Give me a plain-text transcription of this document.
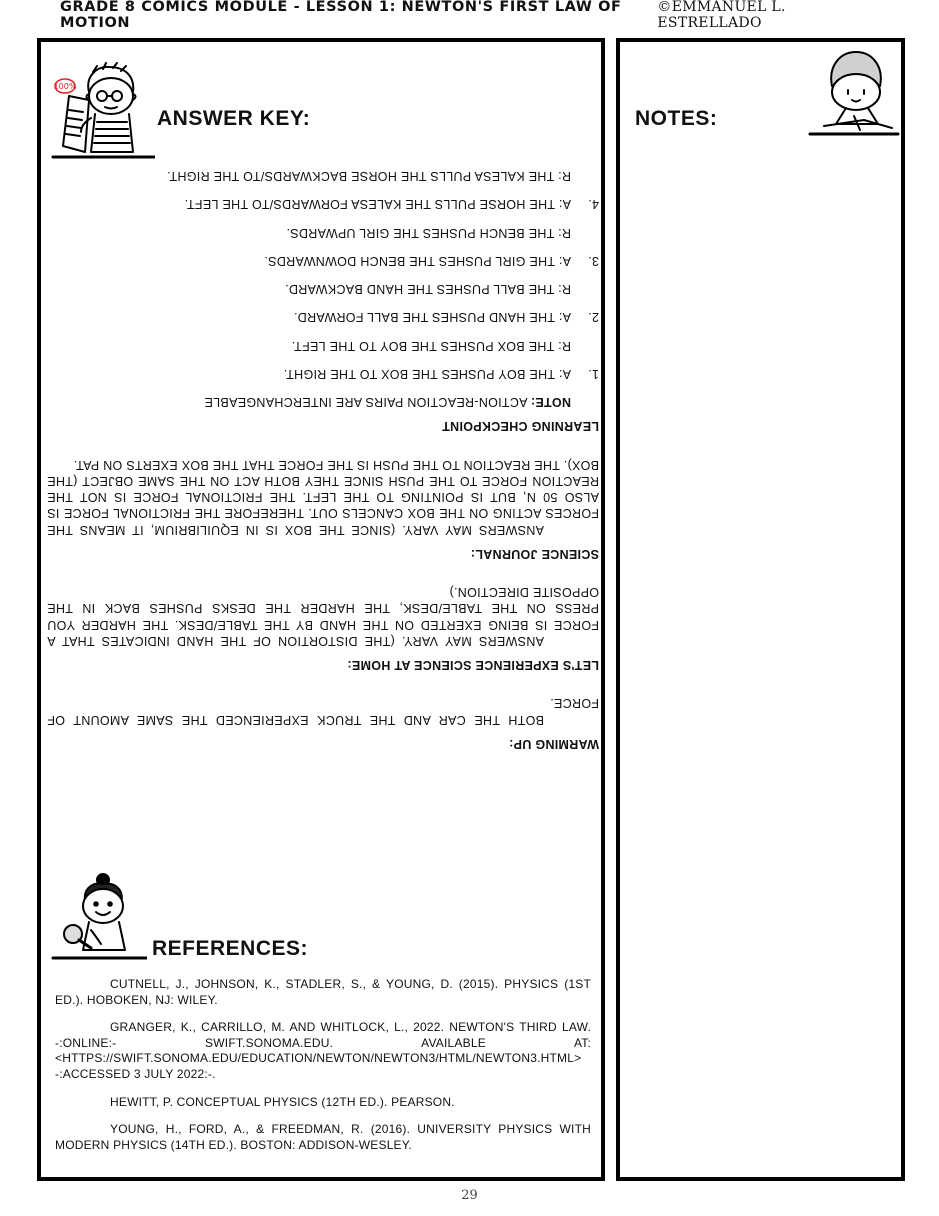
GRADE 8 COMICS MODULE - LESSON 1: NEWTON'S FIRST LAW OF MOTION
©EMMANUEL L. ESTRELLADO
100%
ANSWER KEY:
WARMING UP:

BOTH THE CAR AND THE TRUCK EXPERIENCED THE SAME AMOUNT OF FORCE.

LET'S EXPERIENCE SCIENCE AT HOME:

ANSWERS MAY VARY. (THE DISTORTION OF THE HAND INDICATES THAT A FORCE IS BEING EXERTED ON THE HAND BY THE TABLE/DESK. THE HARDER YOU PRESS ON THE TABLE/DESK, THE HARDER THE DESKS PUSHES BACK IN THE OPPOSITE DIRECTION.)

SCIENCE JOURNAL:

ANSWERS MAY VARY. (SINCE THE BOX IS IN EQUILIBRIUM, IT MEANS THE FORCES ACTING ON THE BOX CANCELS OUT. THEREFORE THE FRICTIONAL FORCE IS ALSO 50 N, BUT IS POINTING TO THE LEFT. THE FRICTIONAL FORCE IS NOT THE REACTION FORCE TO THE PUSH SINCE THEY BOTH ACT ON THE SAME OBJECT (THE BOX). THE REACTION TO THE PUSH IS THE FORCE THAT THE BOX EXERTS ON PAT.

LEARNING CHECKPOINT
NOTE: ACTION-REACTION PAIRS ARE INTERCHANGEABLE
1.
A: THE BOY PUSHES THE BOX TO THE RIGHT.
R: THE BOX PUSHES THE BOY TO THE LEFT.
2.
A: THE HAND PUSHES THE BALL FORWARD.
R: THE BALL PUSHES THE HAND BACKWARD.
3.
A: THE GIRL PUSHES THE BENCH DOWNWARDS.
R: THE BENCH PUSHES THE GIRL UPWARDS.
4.
A: THE HORSE PULLS THE KALESA FORWARDS/TO THE LEFT.
R: THE KALESA PULLS THE HORSE BACKWARDS/TO THE RIGHT.
REFERENCES:

CUTNELL, J., JOHNSON, K., STADLER, S., & YOUNG, D. (2015). PHYSICS (1ST ED.). HOBOKEN, NJ: WILEY.

GRANGER, K., CARRILLO, M. AND WHITLOCK, L., 2022. NEWTON'S THIRD LAW. -:ONLINE:- SWIFT.SONOMA.EDU. AVAILABLE AT: <HTTPS://SWIFT.SONOMA.EDU/EDUCATION/NEWTON/NEWTON3/HTML/NEWTON3.HTML> -:ACCESSED 3 JULY 2022:-.

HEWITT, P. CONCEPTUAL PHYSICS (12TH ED.). PEARSON.

YOUNG, H., FORD, A., & FREEDMAN, R. (2016). UNIVERSITY PHYSICS WITH MODERN PHYSICS (14TH ED.). BOSTON: ADDISON-WESLEY.

NOTES:
29
